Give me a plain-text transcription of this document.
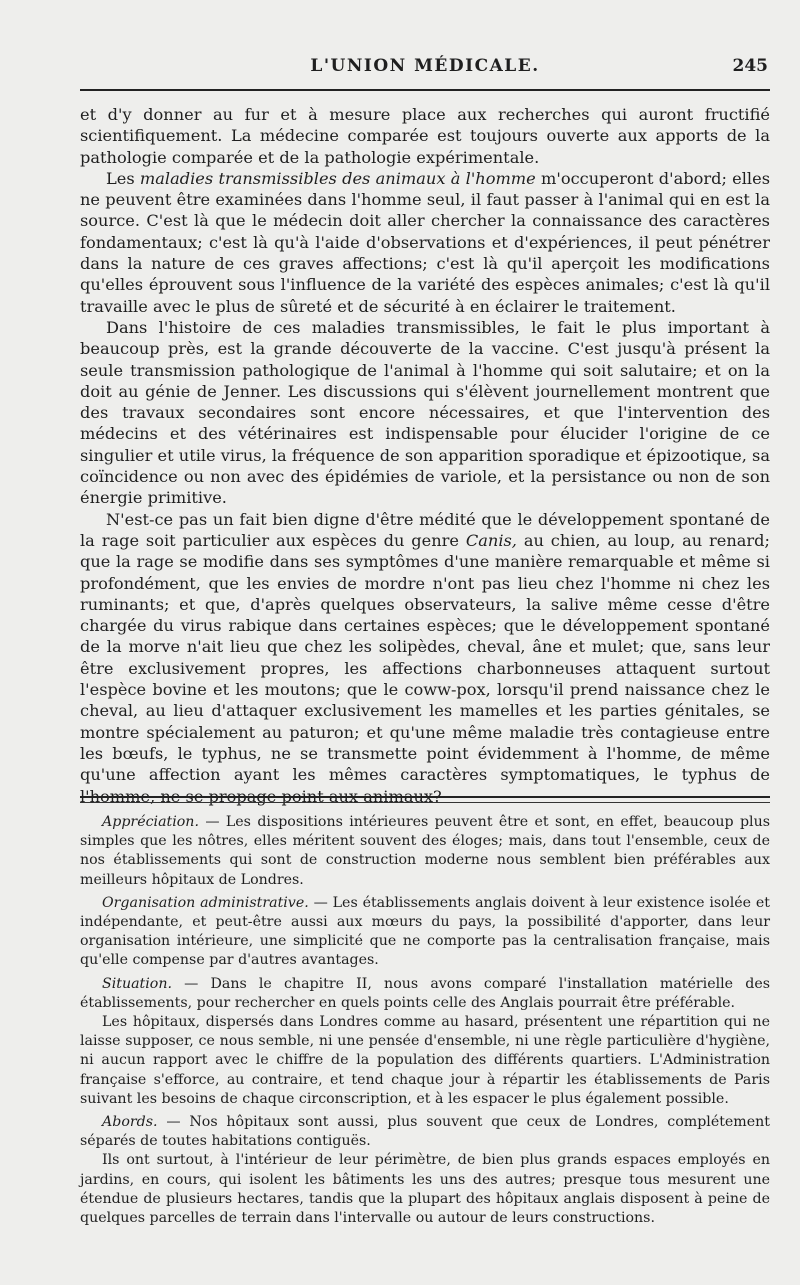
L'UNION MÉDICALE.	245

et d'y donner au fur et à mesure place aux recherches qui auront fructifié scientifiquement. La médecine comparée est toujours ouverte aux apports de la pathologie comparée et de la pathologie expérimentale.

Les maladies transmissibles des animaux à l'homme m'occuperont d'abord; elles ne peuvent être examinées dans l'homme seul, il faut passer à l'animal qui en est la source. C'est là que le médecin doit aller chercher la connaissance des caractères fondamentaux; c'est là qu'à l'aide d'observations et d'expériences, il peut pénétrer dans la nature de ces graves affections; c'est là qu'il aperçoit les modifications qu'elles éprouvent sous l'influence de la variété des espèces animales; c'est là qu'il travaille avec le plus de sûreté et de sécurité à en éclairer le traitement.

Dans l'histoire de ces maladies transmissibles, le fait le plus important à beaucoup près, est la grande découverte de la vaccine. C'est jusqu'à présent la seule transmission pathologique de l'animal à l'homme qui soit salutaire; et on la doit au génie de Jenner. Les discussions qui s'élèvent journellement montrent que des travaux secondaires sont encore nécessaires, et que l'intervention des médecins et des vétérinaires est indispensable pour élucider l'origine de ce singulier et utile virus, la fréquence de son apparition sporadique et épizootique, sa coïncidence ou non avec des épidémies de variole, et la persistance ou non de son énergie primitive.

N'est-ce pas un fait bien digne d'être médité que le développement spontané de la rage soit particulier aux espèces du genre Canis, au chien, au loup, au renard; que la rage se modifie dans ses symptômes d'une manière remarquable et même si profondément, que les envies de mordre n'ont pas lieu chez l'homme ni chez les ruminants; et que, d'après quelques observateurs, la salive même cesse d'être chargée du virus rabique dans certaines espèces; que le développement spontané de la morve n'ait lieu que chez les solipèdes, cheval, âne et mulet; que, sans leur être exclusivement propres, les affections charbonneuses attaquent surtout l'espèce bovine et les moutons; que le coww-pox, lorsqu'il prend naissance chez le cheval, au lieu d'attaquer exclusivement les mamelles et les parties génitales, se montre spécialement au paturon; et qu'une même maladie très contagieuse entre les bœufs, le typhus, ne se transmette point évidemment à l'homme, de même qu'une affection ayant les mêmes caractères symptomatiques, le typhus de l'homme, ne se propage point aux animaux?

Appréciation. — Les dispositions intérieures peuvent être et sont, en effet, beaucoup plus simples que les nôtres, elles méritent souvent des éloges; mais, dans tout l'ensemble, ceux de nos établissements qui sont de construction moderne nous semblent bien préférables aux meilleurs hôpitaux de Londres.

Organisation administrative. — Les établissements anglais doivent à leur existence isolée et indépendante, et peut-être aussi aux mœurs du pays, la possibilité d'apporter, dans leur organisation intérieure, une simplicité que ne comporte pas la centralisation française, mais qu'elle compense par d'autres avantages.

Situation. — Dans le chapitre II, nous avons comparé l'installation matérielle des établissements, pour rechercher en quels points celle des Anglais pourrait être préférable.

Les hôpitaux, dispersés dans Londres comme au hasard, présentent une répartition qui ne laisse supposer, ce nous semble, ni une pensée d'ensemble, ni une règle particulière d'hygiène, ni aucun rapport avec le chiffre de la population des différents quartiers. L'Administration française s'efforce, au contraire, et tend chaque jour à répartir les établissements de Paris suivant les besoins de chaque circonscription, et à les espacer le plus également possible.

Abords. — Nos hôpitaux sont aussi, plus souvent que ceux de Londres, complétement séparés de toutes habitations contiguës.

Ils ont surtout, à l'intérieur de leur périmètre, de bien plus grands espaces employés en jardins, en cours, qui isolent les bâtiments les uns des autres; presque tous mesurent une étendue de plusieurs hectares, tandis que la plupart des hôpitaux anglais disposent à peine de quelques parcelles de terrain dans l'intervalle ou autour de leurs constructions.
